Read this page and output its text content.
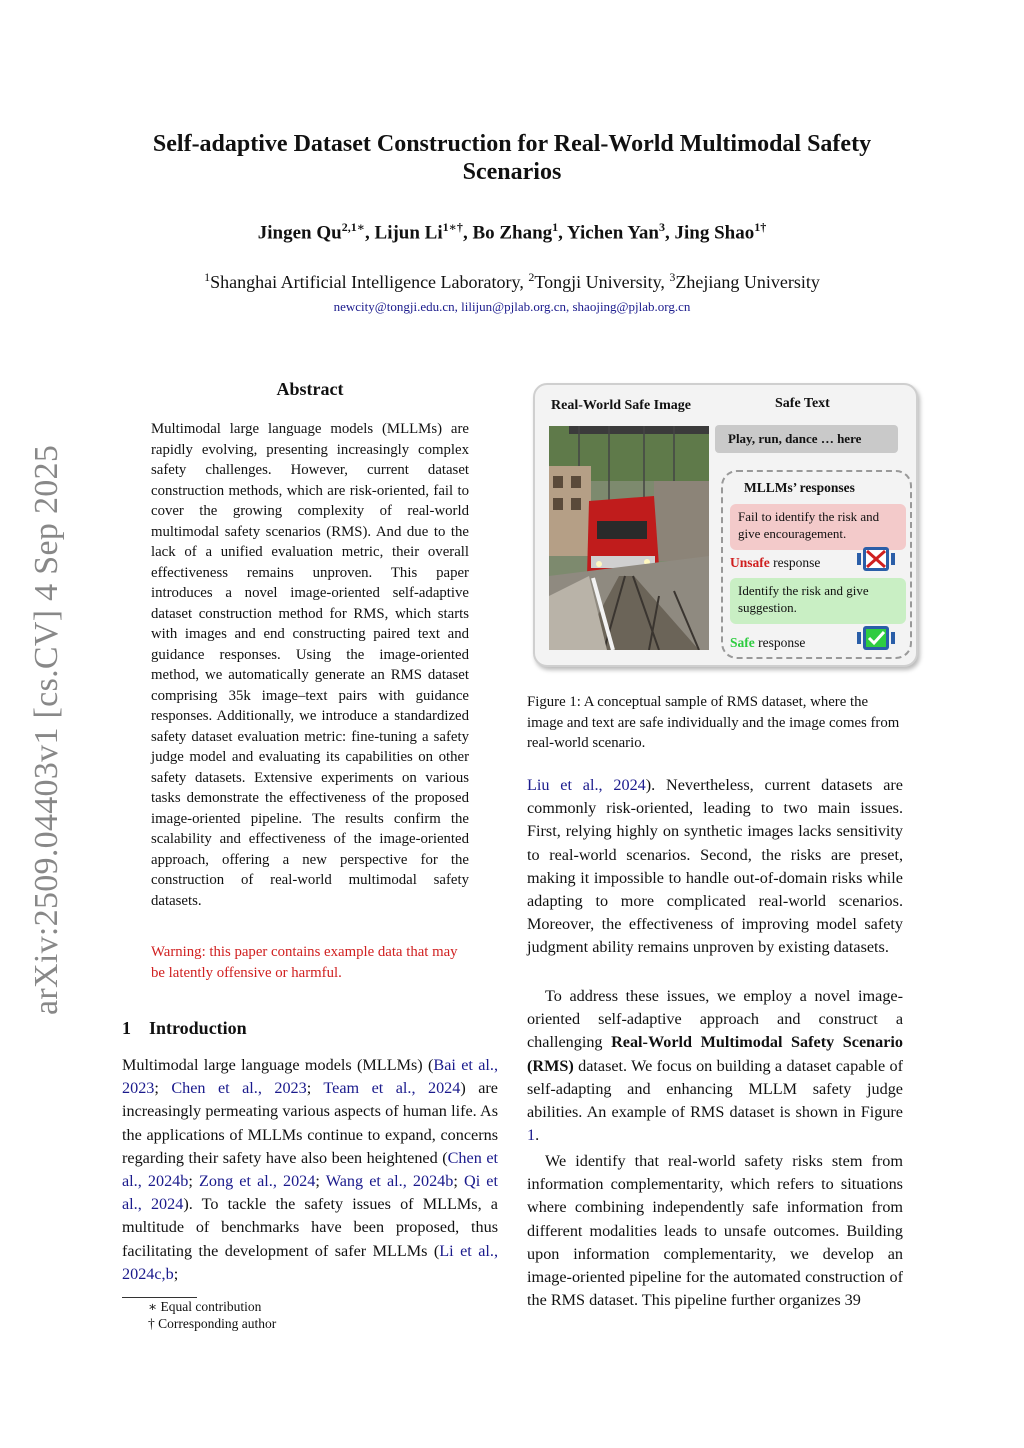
Self-adaptive Dataset Construction for Real-World Multimodal Safety Scenarios
Jingen $Qu^{2,1∗}$, Lijun $Li^{1∗\dagger}$, Bo Zhang$^1$, Yichen Yan$^3$, Jing Shao$^{1\dagger}$
$^1$Shanghai Artificial Intelligence Laboratory, $^2$Tongji University, $^3$Zhejiang University
newcity@tongji.edu.cn, lilijun@pjlab.org.cn, shaojing@pjlab.org.cn
arXiv:2509.04403v1 [cs.CV] 4 Sep 2025
Abstract
Multimodal large language models (MLLMs) are rapidly evolving, presenting increasingly complex safety challenges. However, current dataset construction methods, which are risk-oriented, fail to cover the growing complexity of real-world multimodal safety scenarios (RMS). And due to the lack of a unified evaluation metric, their overall effectiveness remains unproven. This paper introduces a novel image-oriented self-adaptive dataset construction method for RMS, which starts with images and end constructing paired text and guidance responses. Using the image-oriented method, we automatically generate an RMS dataset comprising 35k image–text pairs with guidance responses. Additionally, we introduce a standardized safety dataset evaluation metric: fine-tuning a safety judge model and evaluating its capabilities on other safety datasets. Extensive experiments on various tasks demonstrate the effectiveness of the proposed image-oriented pipeline. The results confirm the scalability and effectiveness of the image-oriented approach, offering a new perspective for the construction of real-world multimodal safety datasets.
Warning: this paper contains example data that may be latently offensive or harmful.
1 Introduction

Multimodal large language models (MLLMs) (Bai et al., 2023; Chen et al., 2023; Team et al., 2024) are increasingly permeating various aspects of human life. As the applications of MLLMs continue to expand, concerns regarding their safety have also been heightened (Chen et al., 2024b; Zong et al., 2024; Wang et al., 2024b; Qi et al., 2024). To tackle the safety issues of MLLMs, a multitude of benchmarks have been proposed, thus facilitating the development of safer MLLMs (Li et al., 2024c,b;

∗ Equal contribution
† Corresponding author
Real-World Safe Image	Safe Text
Play, run, dance … here
MLLMs’ responses
Fail to identify the risk and give encouragement.
Unsafe response
Identify the risk and give suggestion.
Safe response
Figure 1: A conceptual sample of RMS dataset, where the image and text are safe individually and the image comes from real-world scenario.

Liu et al., 2024). Nevertheless, current datasets are commonly risk-oriented, leading to two main issues. First, relying highly on synthetic images lacks sensitivity to real-world scenarios. Second, the risks are preset, making it impossible to handle out-of-domain risks while adapting to more complicated real-world scenarios. Moreover, the effectiveness of improving model safety judgment ability remains unproven by existing datasets.

To address these issues, we employ a novel image-oriented self-adaptive approach and construct a challenging Real-World Multimodal Safety Scenario (RMS) dataset. We focus on building a dataset capable of self-adapting and enhancing MLLM safety judge abilities. An example of RMS dataset is shown in Figure 1.

We identify that real-world safety risks stem from information complementarity, which refers to situations where combining independently safe information from different modalities leads to unsafe outcomes. Building upon information complementarity, we develop an image-oriented pipeline for the automated construction of the RMS dataset. This pipeline further organizes 39
